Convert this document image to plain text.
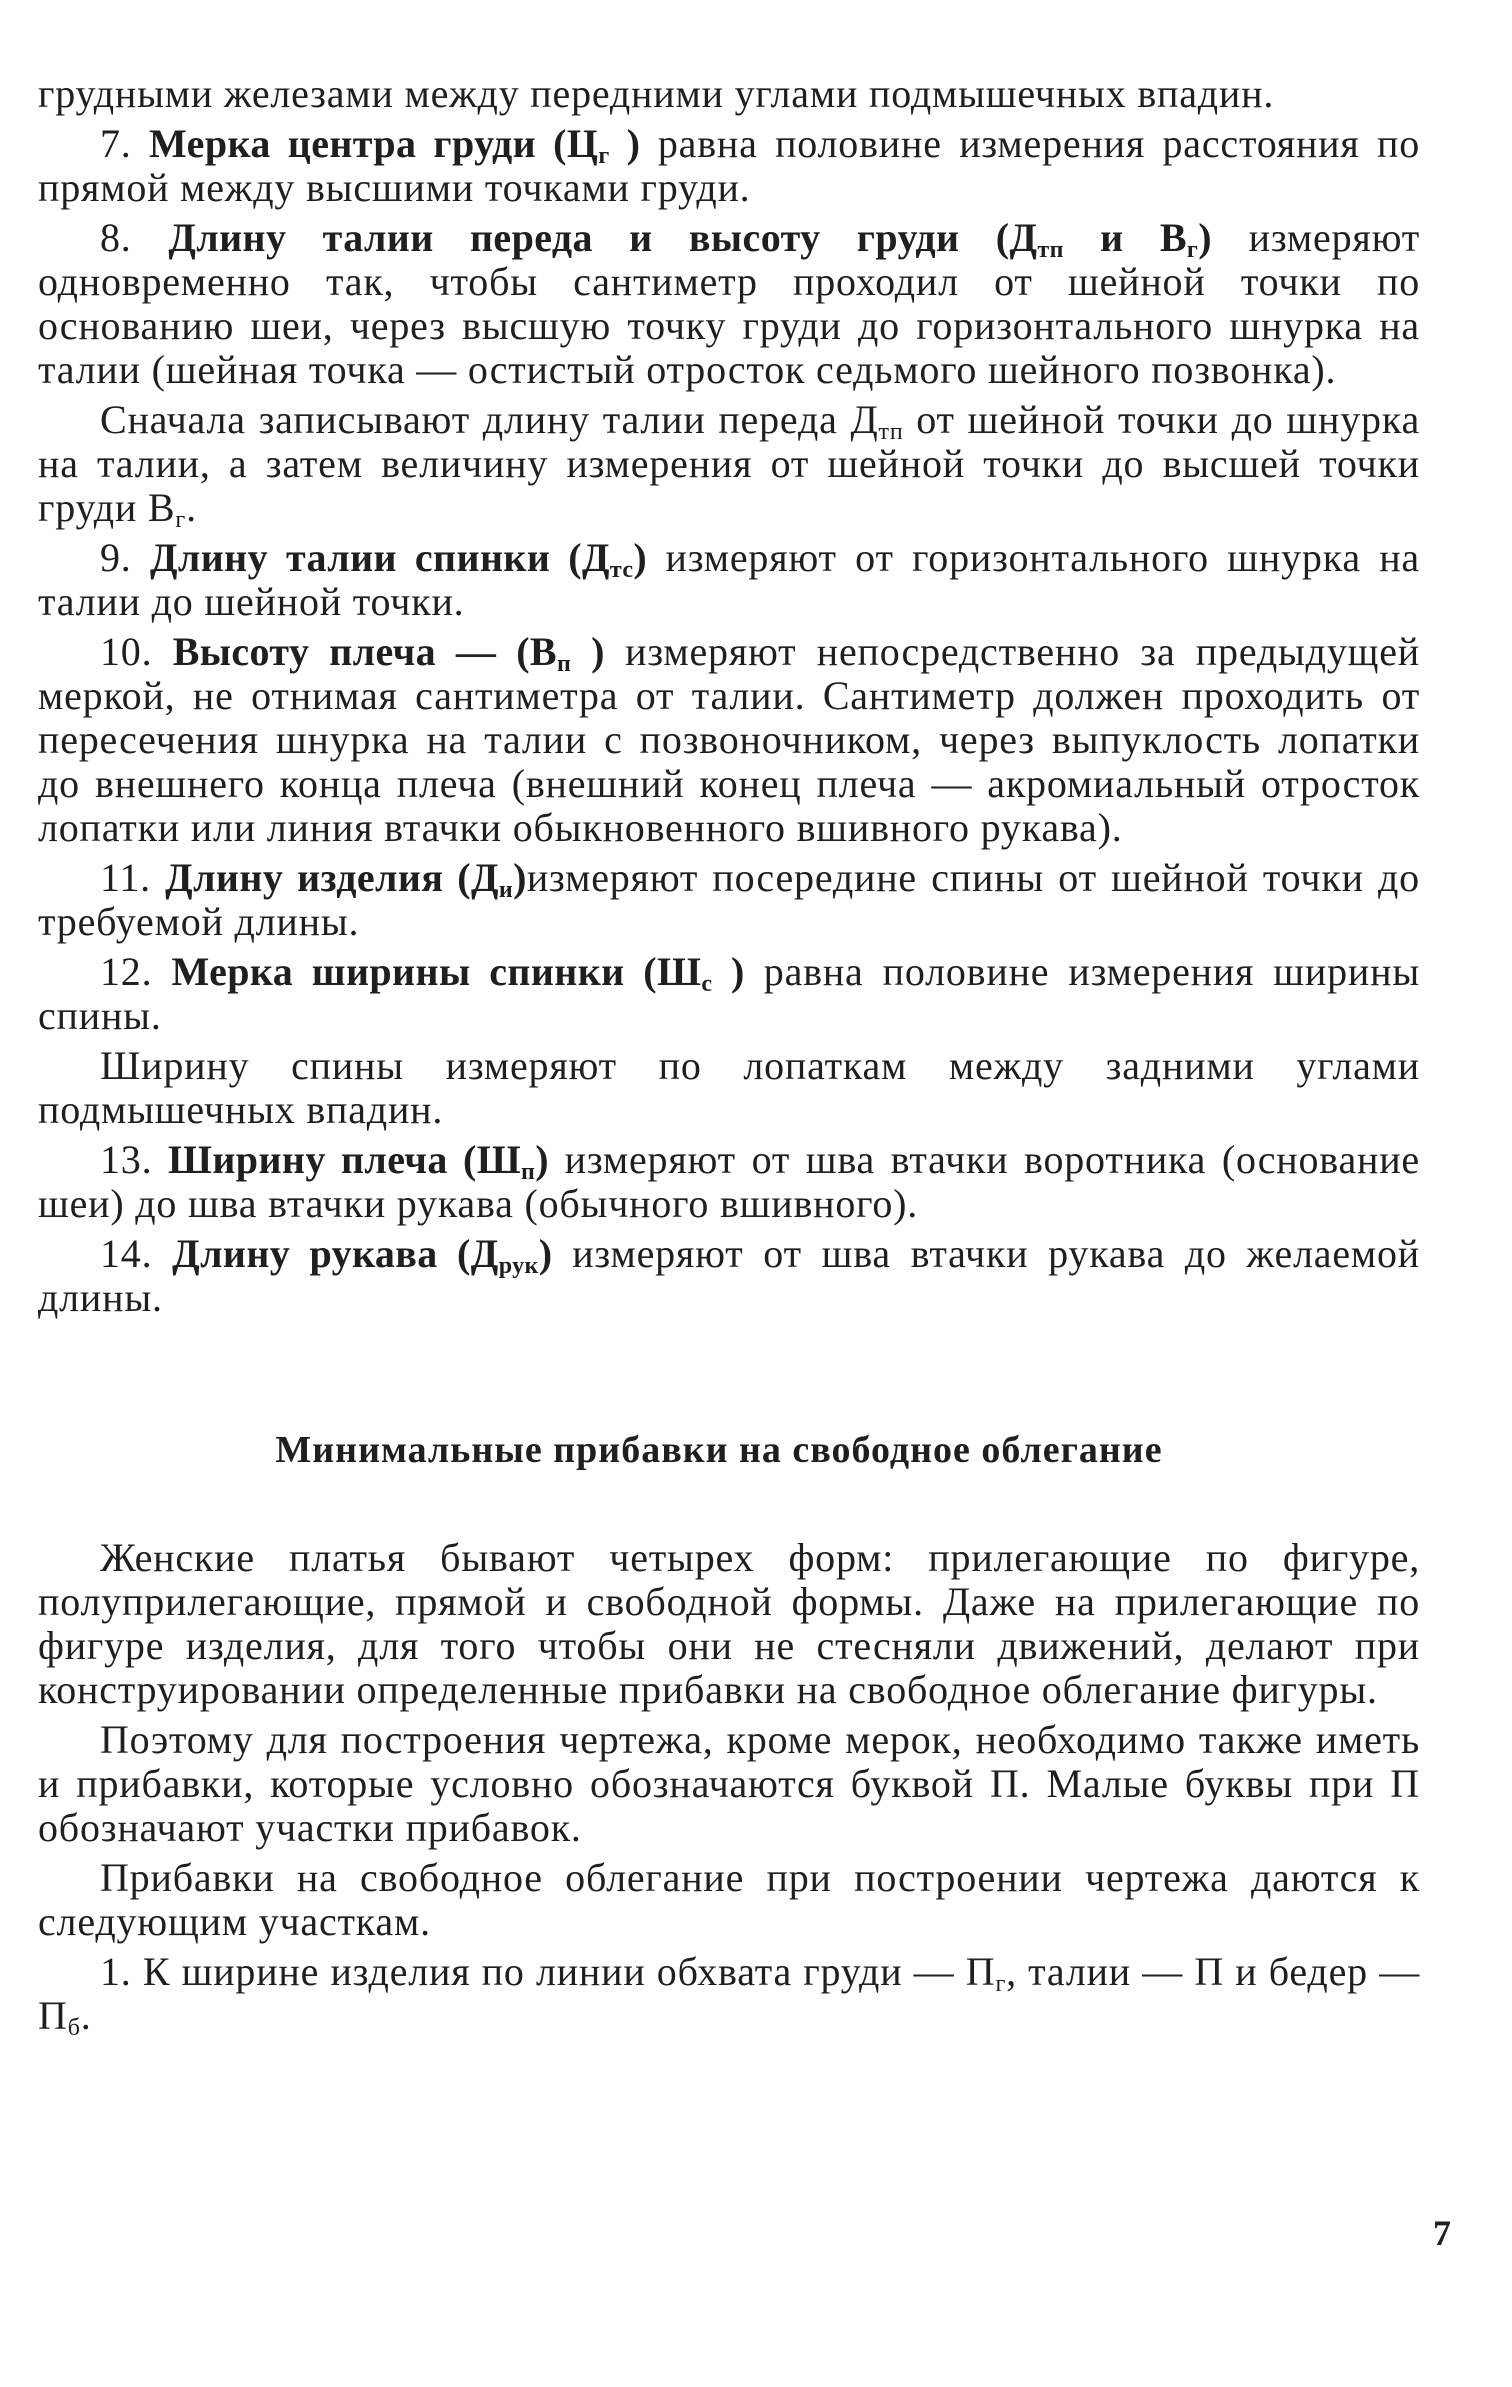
грудными железами между передними углами подмышечных впадин.

7. Мерка центра груди ($Ц_г$ ) равна половине измерения расстояния по прямой между высшими точками груди.

8. Длину талии переда и высоту груди ($Д_{тп}$ и $В_г$) измеряют одновременно так, чтобы сантиметр проходил от шейной точки по основанию шеи, через высшую точку груди до горизонтального шнурка на талии (шейная точка — остистый отросток седьмого шейного позвонка).

Сначала записывают длину талии переда $Д_{тп}$ от шейной точки до шнурка на талии, а затем величину измерения от шейной точки до высшей точки груди $В_г$.

9. Длину талии спинки $(Д_{тс})$ измеряют от горизонтального шнурка на талии до шейной точки.

10. Высоту плеча — ($В_п$ ) измеряют непосредственно за предыдущей меркой, не отнимая сантиметра от талии. Сантиметр должен проходить от пересечения шнурка на талии с позвоночником, через выпуклость лопатки до внешнего конца плеча (внешний конец плеча — акромиальный отросток лопатки или линия втачки обыкновенного вшивного рукава).

11. Длину изделия $(Д_и)измеряют$ посередине спины от шейной точки до требуемой длины.

12. Мерка ширины спинки ($Ш_с$ ) равна половине измерения ширины спины.

Ширину спины измеряют по лопаткам между задними углами подмышечных впадин.

13. Ширину плеча $(Ш_п)$ измеряют от шва втачки воротника (основание шеи) до шва втачки рукава (обычного вшивного).

14. Длину рукава $(Д_{рук})$ измеряют от шва втачки рукава до желаемой длины.

Минимальные прибавки на свободное облегание

Женские платья бывают четырех форм: прилегающие по фигуре, полуприлегающие, прямой и свободной формы. Даже на прилегающие по фигуре изделия, для того чтобы они не стесняли движений, делают при конструировании определенные прибавки на свободное облегание фигуры.

Поэтому для построения чертежа, кроме мерок, необходимо также иметь и прибавки, которые условно обозначаются буквой П. Малые буквы при П обозначают участки прибавок.

Прибавки на свободное облегание при построении чертежа даются к следующим участкам.

1. К ширине изделия по линии обхвата груди — $П_г$, талии — П и бедер — $П_б$.

7
